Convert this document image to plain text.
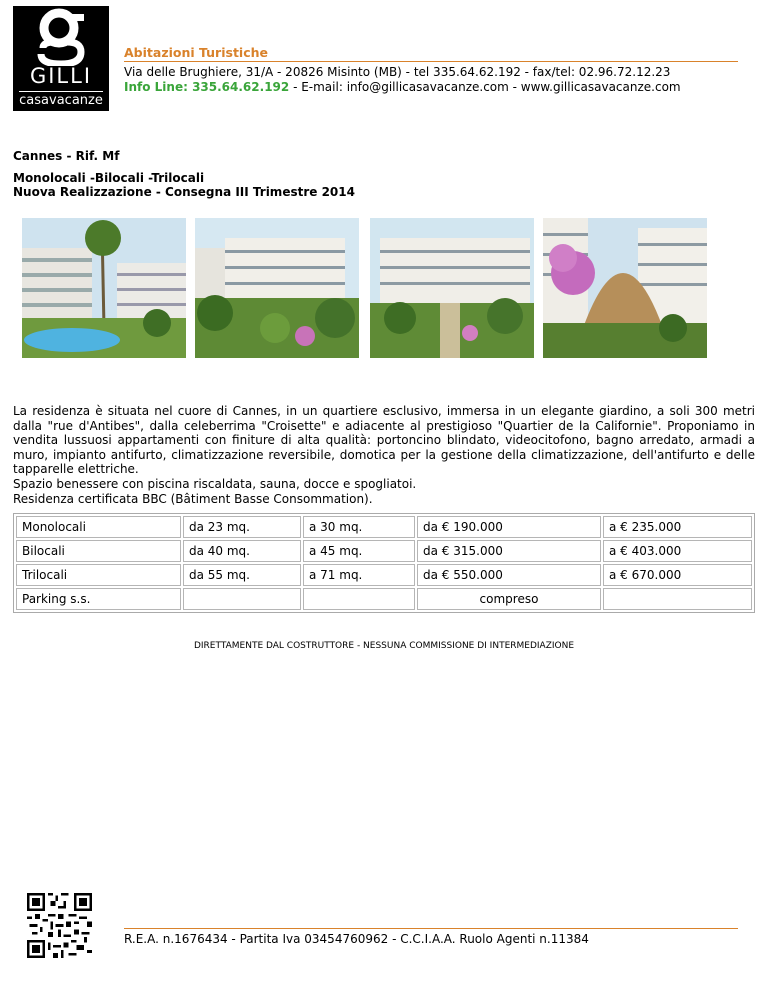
GILLI
casavacanze
Abitazioni Turistiche
Via delle Brughiere, 31/A - 20826 Misinto (MB) - tel 335.64.62.192 - fax/tel: 02.96.72.12.23
Info Line: 335.64.62.192 - E-mail: info@gillicasavacanze.com - www.gillicasavacanze.com
Cannes - Rif. Mf
Monolocali -Bilocali -Trilocali
Nuova Realizzazione - Consegna III Trimestre 2014

La residenza è situata nel cuore di Cannes, in un quartiere esclusivo, immersa in un elegante giardino, a soli 300 metri dalla "rue d'Antibes", dalla celeberrima "Croisette" e adiacente al prestigioso "Quartier de la Californie". Proponiamo in vendita lussuosi appartamenti con finiture di alta qualità: portoncino blindato, videocitofono, bagno arredato, armadi a muro, impianto antifurto, climatizzazione reversibile, domotica per la gestione della climatizzazione, dell'antifurto e delle tapparelle elettriche.

Spazio benessere con piscina riscaldata, sauna, docce e spogliatoi.

Residenza certificata BBC (Bâtiment Basse Consommation).

Monolocali	da 23 mq.	a 30 mq.	da € 190.000	a € 235.000
Bilocali	da 40 mq.	a 45 mq.	da € 315.000	a € 403.000
Trilocali	da 55 mq.	a 71 mq.	da € 550.000	a € 670.000
Parking s.s.			compreso	
DIRETTAMENTE DAL COSTRUTTORE - NESSUNA COMMISSIONE DI INTERMEDIAZIONE
R.E.A. n.1676434 - Partita Iva 03454760962 - C.C.I.A.A. Ruolo Agenti n.11384
